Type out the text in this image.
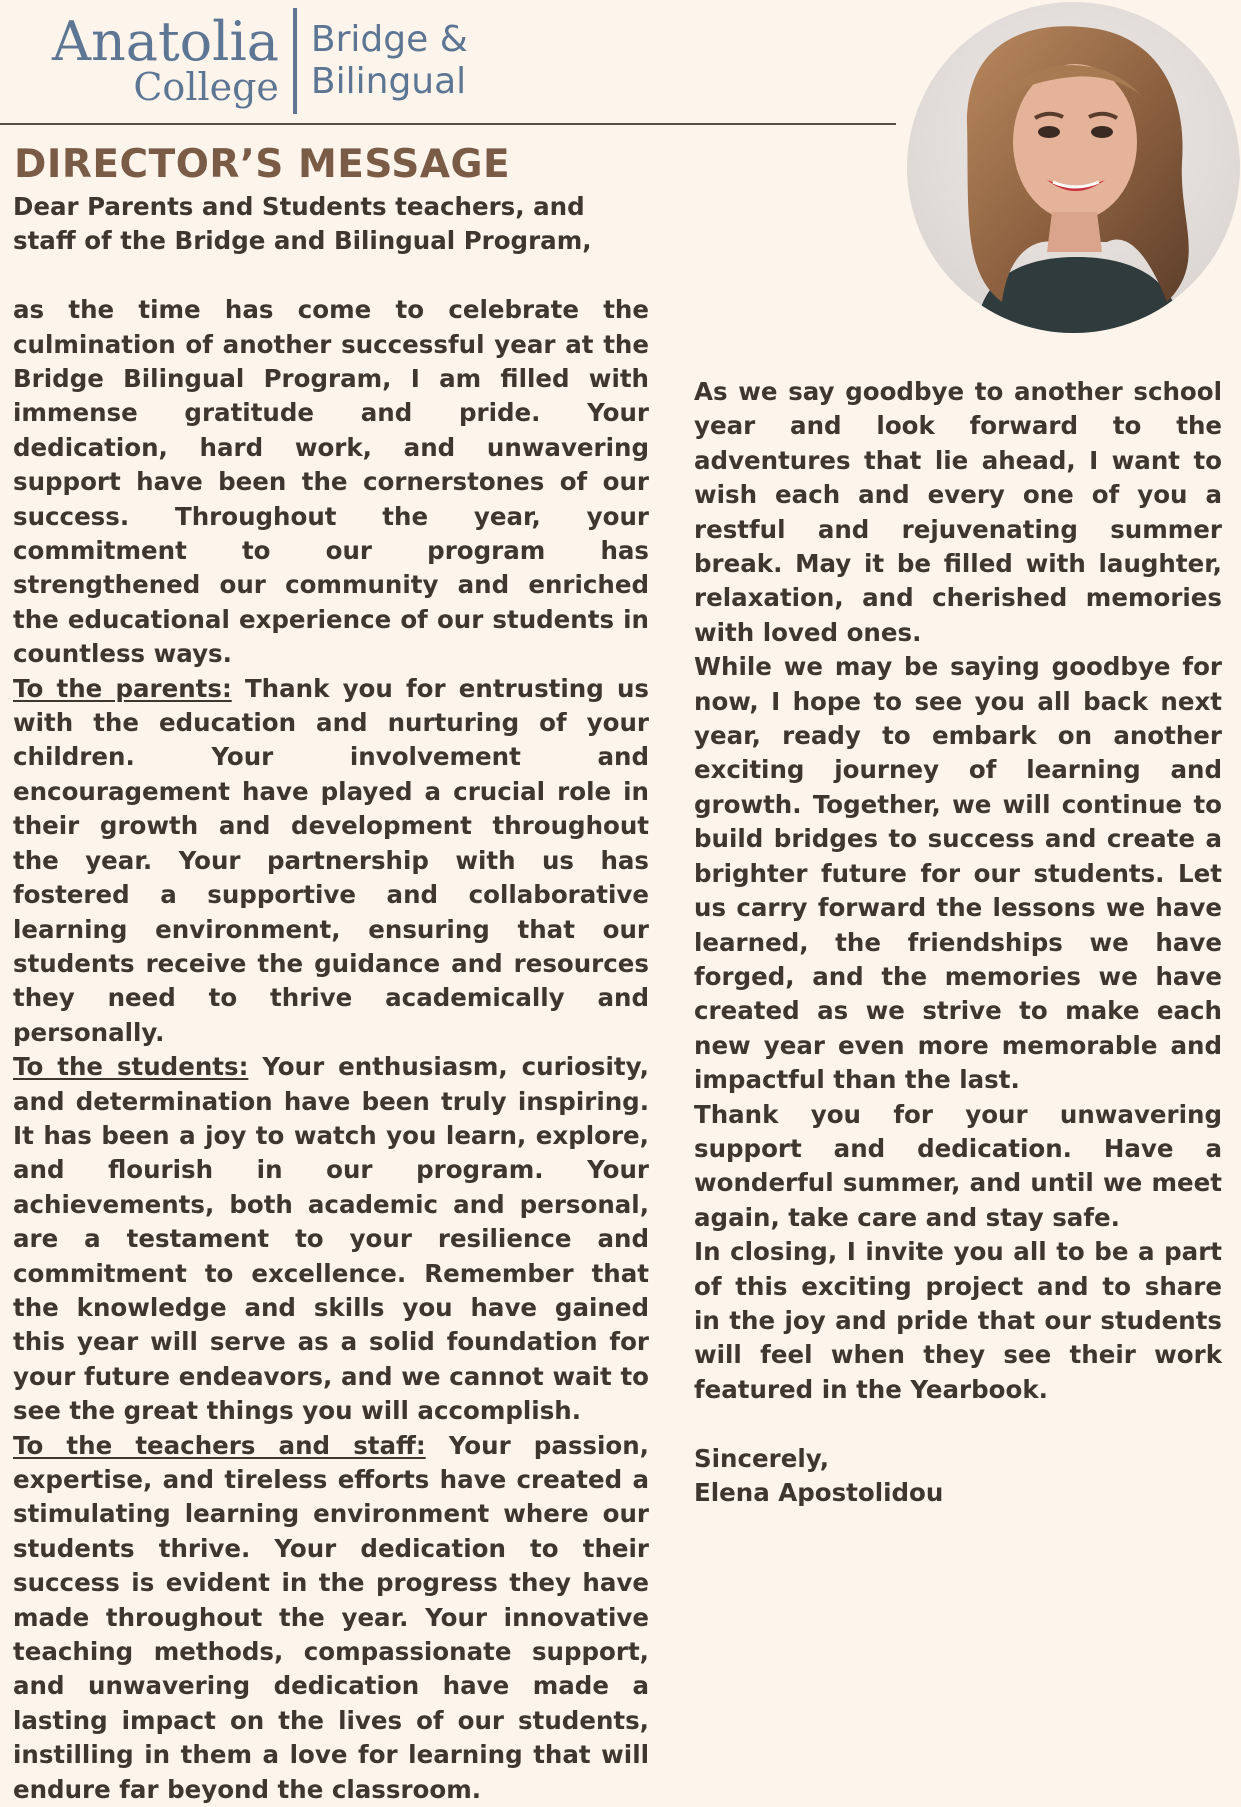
Anatolia
College
Bridge &
Bilingual
DIRECTOR’S MESSAGE

Dear Parents and Students teachers, and staff of the Bridge and Bilingual Program,

as the time has come to celebrate the culmination of another successful year at the Bridge Bilingual Program, I am filled with immense gratitude and pride. Your dedication, hard work, and unwavering support have been the cornerstones of our success. Throughout the year, your commitment to our program has strengthened our community and enriched the educational experience of our students in countless ways.

To the parents: Thank you for entrusting us with the education and nurturing of your children. Your involvement and encouragement have played a crucial role in their growth and development throughout the year. Your partnership with us has fostered a supportive and collaborative learning environment, ensuring that our students receive the guidance and resources they need to thrive academically and personally.

To the students: Your enthusiasm, curiosity, and determination have been truly inspiring. It has been a joy to watch you learn, explore, and flourish in our program. Your achievements, both academic and personal, are a testament to your resilience and commitment to excellence. Remember that the knowledge and skills you have gained this year will serve as a solid foundation for your future endeavors, and we cannot wait to see the great things you will accomplish.

To the teachers and staff: Your passion, expertise, and tireless efforts have created a stimulating learning environment where our students thrive. Your dedication to their success is evident in the progress they have made throughout the year. Your innovative teaching methods, compassionate support, and unwavering dedication have made a lasting impact on the lives of our students, instilling in them a love for learning that will endure far beyond the classroom.

As we say goodbye to another school year and look forward to the adventures that lie ahead, I want to wish each and every one of you a restful and rejuvenating summer break. May it be filled with laughter, relaxation, and cherished memories with loved ones.

While we may be saying goodbye for now, I hope to see you all back next year, ready to embark on another exciting journey of learning and growth. Together, we will continue to build bridges to success and create a brighter future for our students. Let us carry forward the lessons we have learned, the friendships we have forged, and the memories we have created as we strive to make each new year even more memorable and impactful than the last.

Thank you for your unwavering support and dedication. Have a wonderful summer, and until we meet again, take care and stay safe.

In closing, I invite you all to be a part of this exciting project and to share in the joy and pride that our students will feel when they see their work featured in the Yearbook.

Sincerely,

Elena Apostolidou
